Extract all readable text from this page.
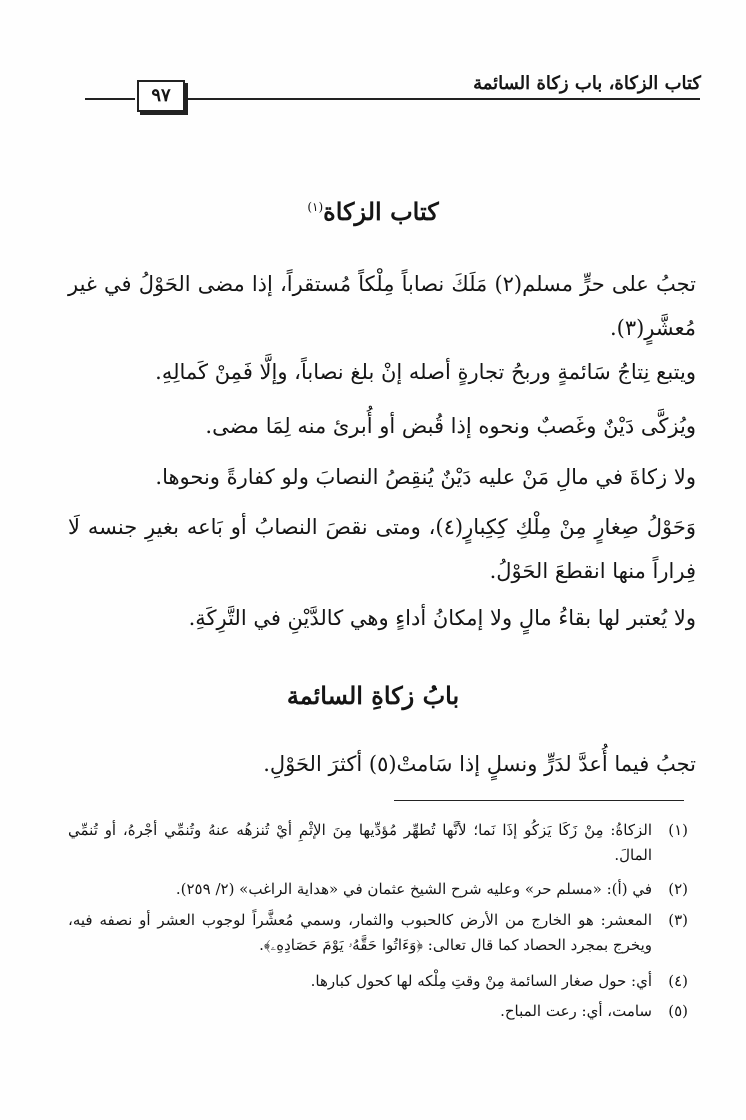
كتاب الزكاة، باب زكاة السائمة
٩٧
كتاب الزكاة$^{(١)}$
تجبُ على حرٍّ مسلم(٢) مَلَكَ نصاباً مِلْكاً مُستقراً، إذا مضى الحَوْلُ في غير مُعشَّرٍ(٣).
ويتبع نِتاجُ سَائمةٍ وربحُ تجارةٍ أصله إنْ بلغ نصاباً، وإلَّا فَمِنْ كَمالِهِ.
ويُزكَّى دَيْنٌ وغَصبٌ ونحوه إذا قُبض أو أُبرئ منه لِمَا مضى.
ولا زكاةَ في مالِ مَنْ عليه دَيْنٌ يُنقِصُ النصابَ ولو كفارةً ونحوها.
وَحَوْلُ صِغارٍ مِنْ مِلْكِ كِكِبارٍ(٤)، ومتى نقصَ النصابُ أو بَاعه بغيرِ جنسه لَا فِراراً منها انقطعَ الحَوْلُ.
ولا يُعتبر لها بقاءُ مالٍ ولا إمكانُ أداءٍ وهي كالدَّيْنِ في التَّرِكَةِ.
بابُ زكاةِ السائمة
تجبُ فيما أُعدَّ لدَرٍّ ونسلٍ إذا سَامتْ(٥) أكثرَ الحَوْلِ.
(١)
الزكاةُ: مِنْ زَكَا يَزكُو إذَا نَما؛ لأنَّها تُطهِّر مُؤدِّيها مِنَ الإثْمِ أيْ تُنزهُه عنهُ وتُنمِّي أجْرهُ، أو تُنمِّي المالَ.
(٢)
في (أ): «مسلم حر» وعليه شرح الشيخ عثمان في «هداية الراغب» (٢/ ٢٥٩).
(٣)
المعشر: هو الخارج من الأرض كالحبوب والثمار، وسمي مُعشَّراً لوجوب العشر أو نصفه فيه، ويخرج بمجرد الحصاد كما قال تعالى: ﴿وَءَاتُوا حَقَّهُۥ يَوْمَ حَصَادِهِۦ﴾.
(٤)
أي: حول صغار السائمة مِنْ وقتِ مِلْكه لها كحول كبارها.
(٥)
سامت، أي: رعت المباح.
